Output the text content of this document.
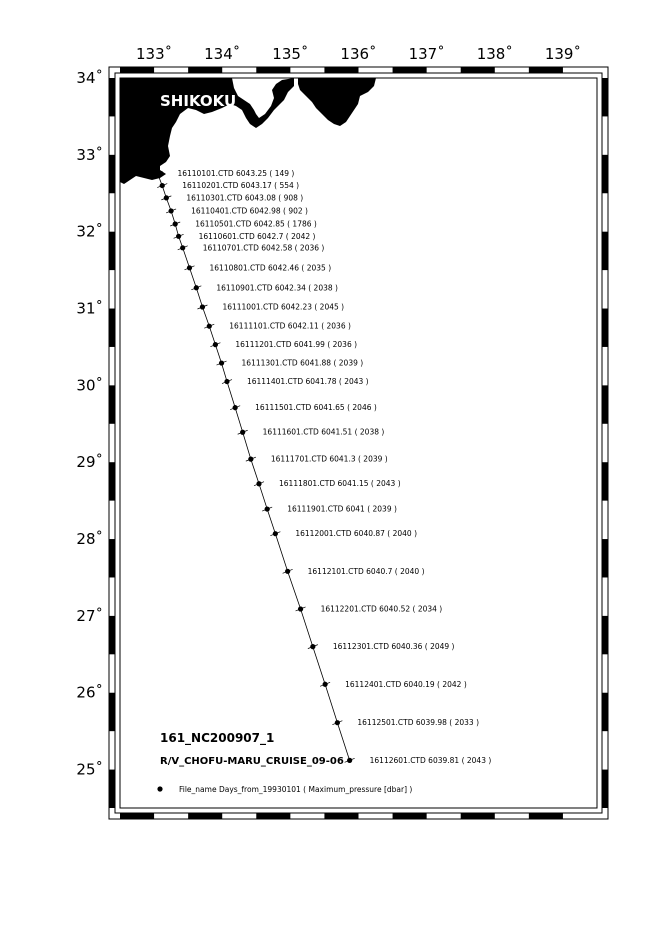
133˚ 134˚ 135˚ 136˚ 137˚ 138˚ 139˚
34˚
33˚
32˚
31˚
30˚
29˚
28˚
27˚
26˚
25˚
16110101.CTD 6043.25 ( 149 )
16110201.CTD 6043.17 ( 554 )
16110301.CTD 6043.08 ( 908 )
16110401.CTD 6042.98 ( 902 )
16110501.CTD 6042.85 ( 1786 )
16110601.CTD 6042.7 ( 2042 )
16110701.CTD 6042.58 ( 2036 )
16110801.CTD 6042.46 ( 2035 )
16110901.CTD 6042.34 ( 2038 )
16111001.CTD 6042.23 ( 2045 )
16111101.CTD 6042.11 ( 2036 )
16111201.CTD 6041.99 ( 2036 )
16111301.CTD 6041.88 ( 2039 )
16111401.CTD 6041.78 ( 2043 )
16111501.CTD 6041.65 ( 2046 )
16111601.CTD 6041.51 ( 2038 )
16111701.CTD 6041.3 ( 2039 )
16111801.CTD 6041.15 ( 2043 )
16111901.CTD 6041 ( 2039 )
16112001.CTD 6040.87 ( 2040 )
16112101.CTD 6040.7 ( 2040 )
16112201.CTD 6040.52 ( 2034 )
16112301.CTD 6040.36 ( 2049 )
16112401.CTD 6040.19 ( 2042 )
16112501.CTD 6039.98 ( 2033 )
16112601.CTD 6039.81 ( 2043 )
SHIKOKU
161_NC200907_1
R/V_CHOFU-MARU_CRUISE_09-06
File_name Days_from_19930101 ( Maximum_pressure [dbar] )
